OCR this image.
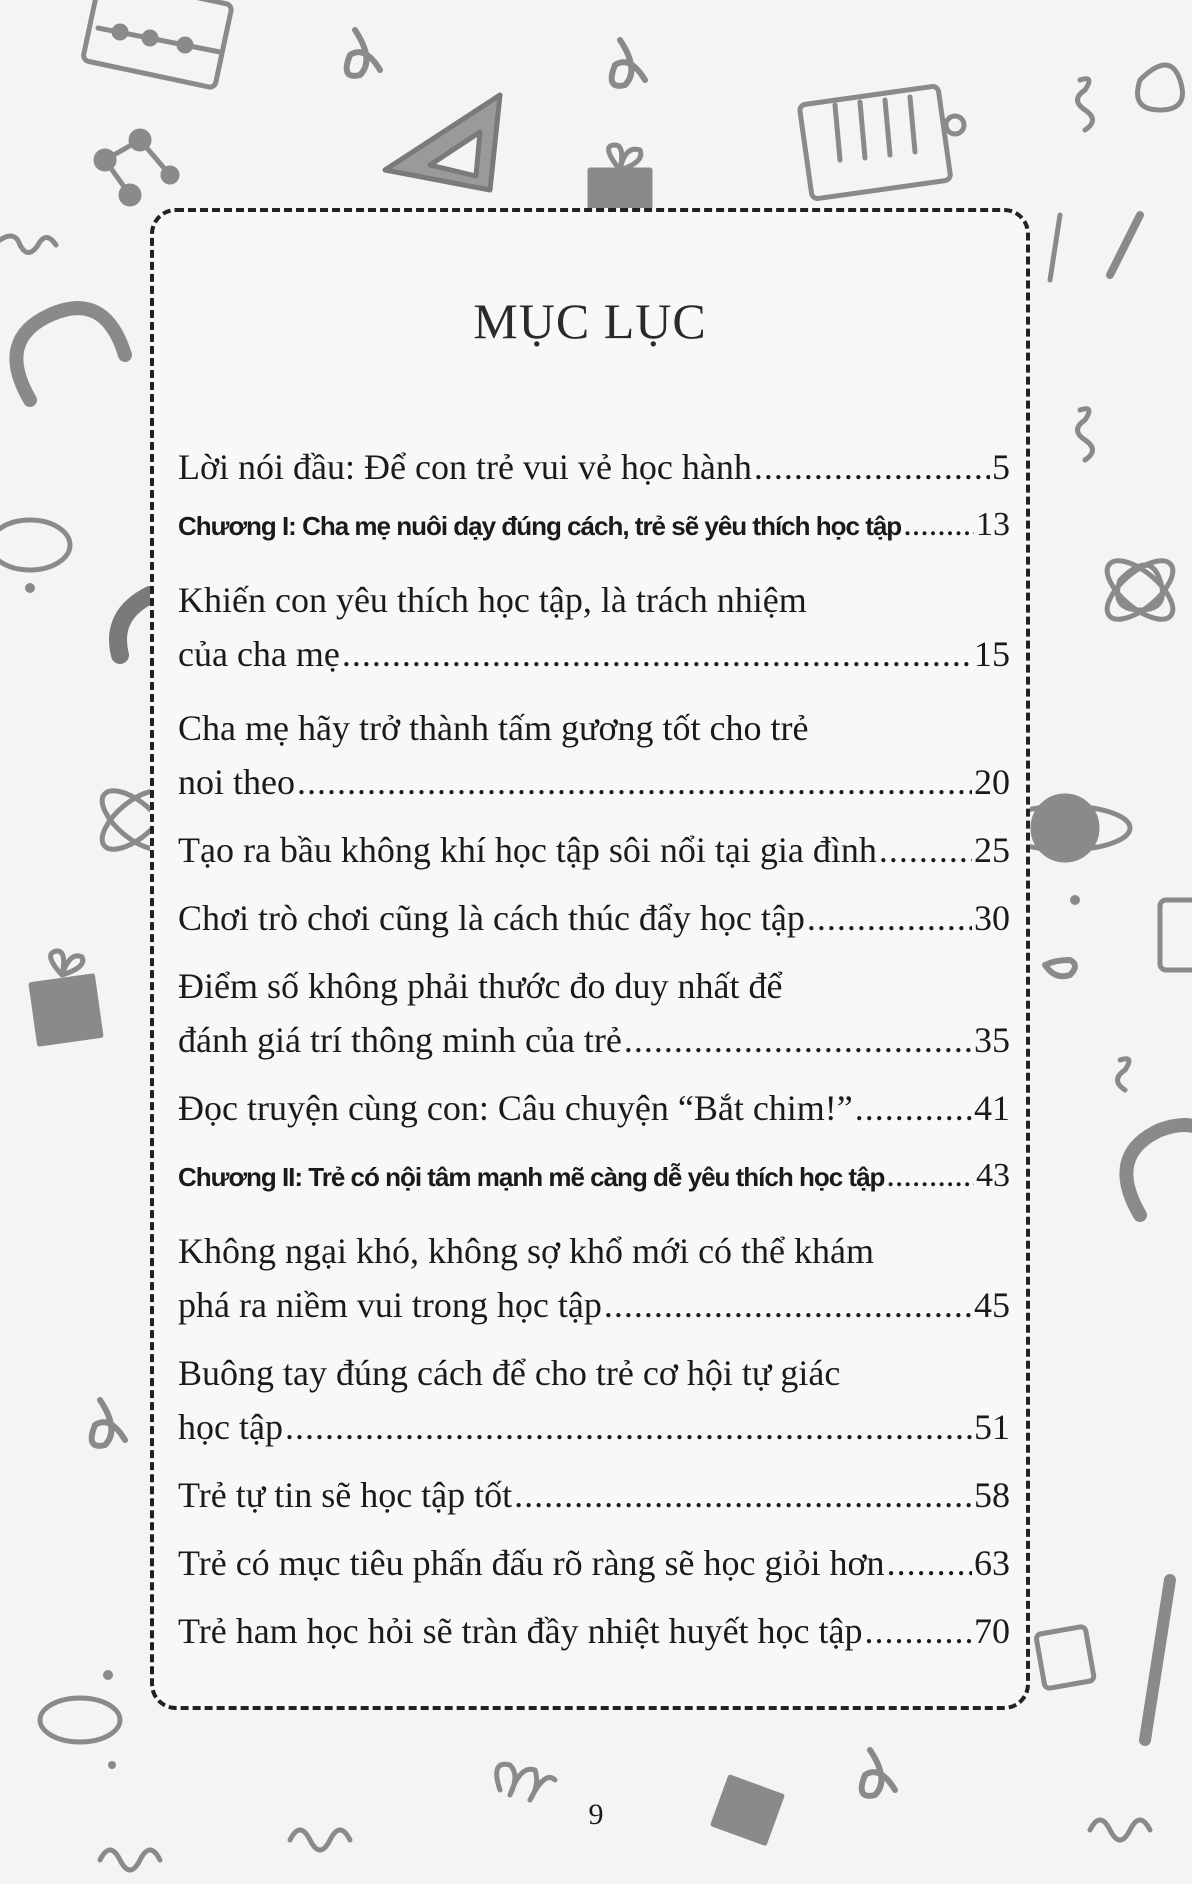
MỤC LỤC
Lời nói đầu: Để con trẻ vui vẻ học hành .....	5
Chương I: Cha mẹ nuôi dạy đúng cách, trẻ sẽ yêu thích học tập ..... 13
Khiến con yêu thích học tập, là trách nhiệm
của cha mẹ .....	15
Cha mẹ hãy trở thành tấm gương tốt cho trẻ
noi theo .....	20
Tạo ra bầu không khí học tập sôi nổi tại gia đình .....	25
Chơi trò chơi cũng là cách thúc đẩy học tập .....	30
Điểm số không phải thước đo duy nhất để
đánh giá trí thông minh của trẻ .....	35
Đọc truyện cùng con: Câu chuyện “Bắt chim!” .....	41
Chương II: Trẻ có nội tâm mạnh mẽ càng dễ yêu thích học tập .....	43
Không ngại khó, không sợ khổ mới có thể khám
phá ra niềm vui trong học tập .....	45
Buông tay đúng cách để cho trẻ cơ hội tự giác
học tập .....	51
Trẻ tự tin sẽ học tập tốt .....	58
Trẻ có mục tiêu phấn đấu rõ ràng sẽ học giỏi hơn ..... 63
Trẻ ham học hỏi sẽ tràn đầy nhiệt huyết học tập .....	70
9
